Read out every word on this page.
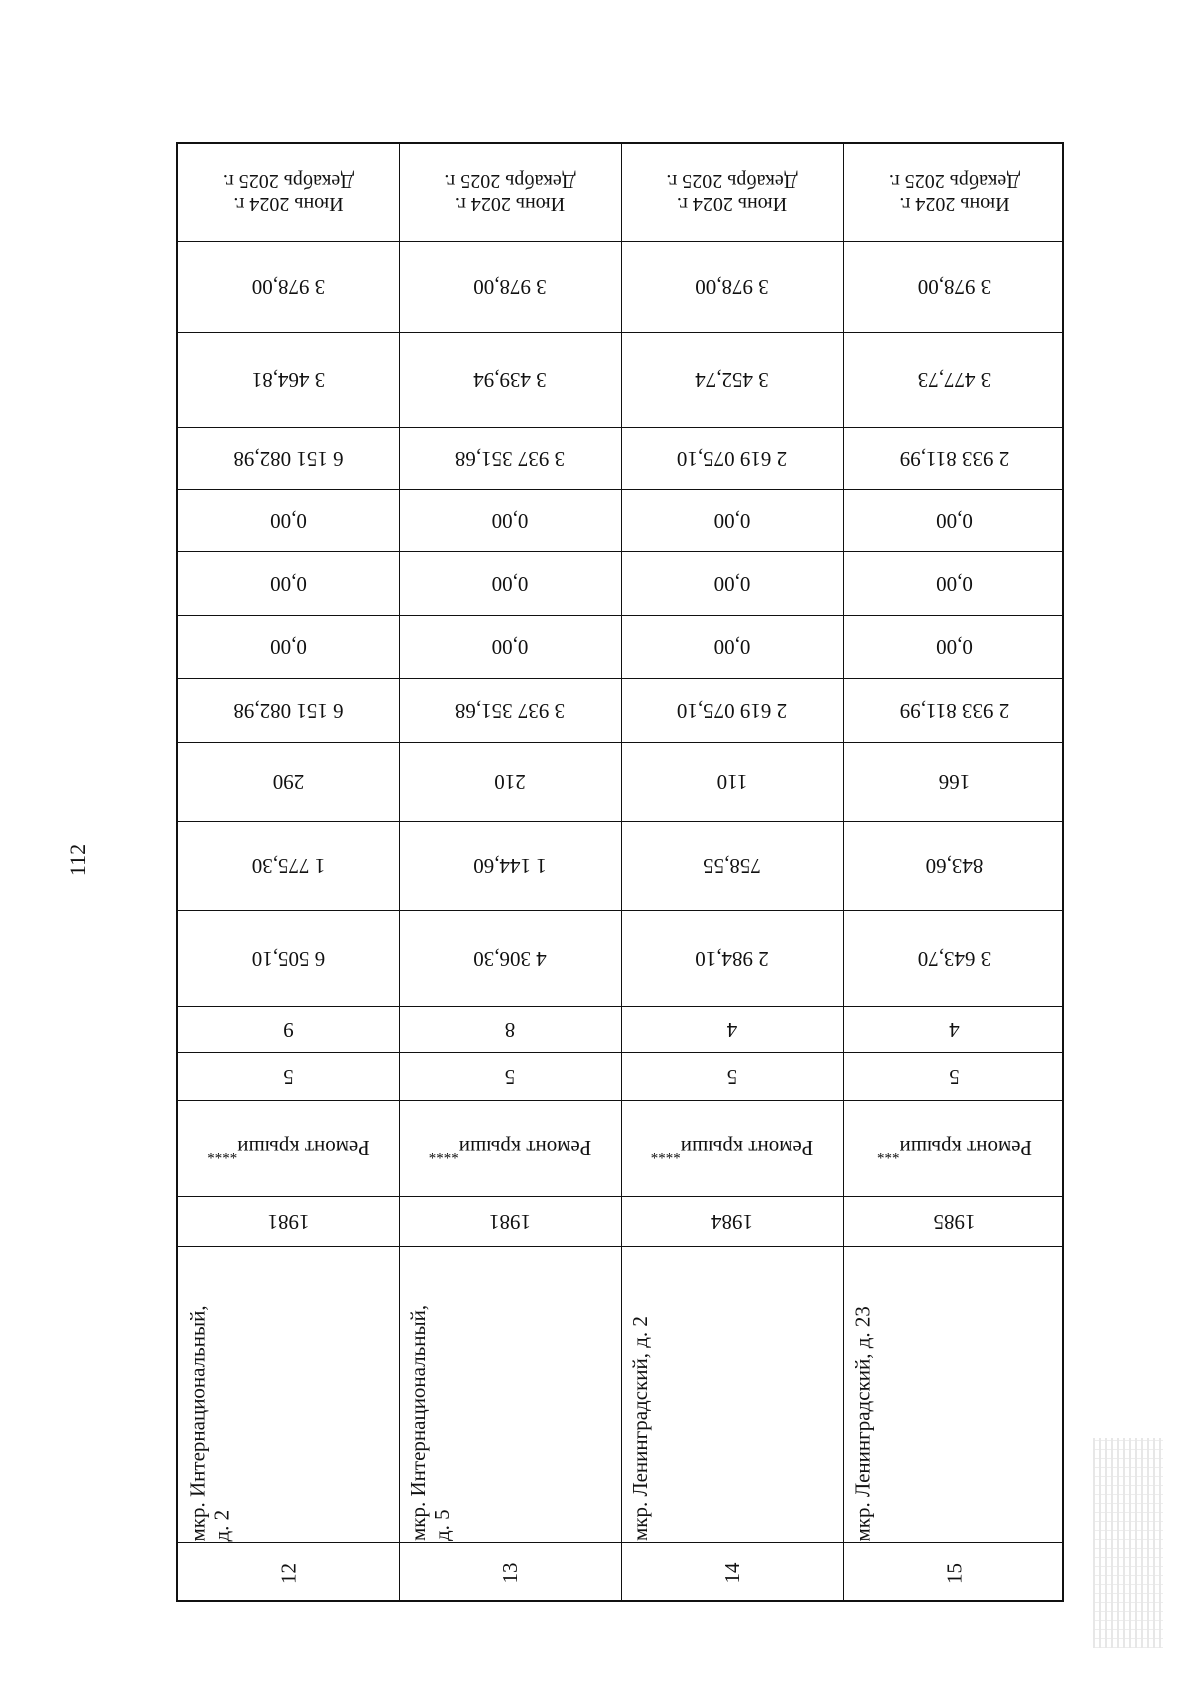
112
Июнь 2024 г.
Декабрь 2025 г.
3 978,00
3 464,81
6 151 082,98
0,00
0,00
0,00
6 151 082,98
290
1 775,30
6 505,10
9
5
Ремонт крыши****
1981
мкр. Интернациональный, д. 2
12
Июнь 2024 г.
Декабрь 2025 г.
3 978,00
3 439,94
3 937 351,68
0,00
0,00
0,00
3 937 351,68
210
1 144,60
4 306,30
8
5
Ремонт крыши****
1981
мкр. Интернациональный, д. 5
13
Июнь 2024 г.
Декабрь 2025 г.
3 978,00
3 452,74
2 619 075,10
0,00
0,00
0,00
2 619 075,10
110
758,55
2 984,10
4
5
Ремонт крыши****
1984
мкр. Ленинградский, д. 2
14
Июнь 2024 г.
Декабрь 2025 г.
3 978,00
3 477,73
2 933 811,99
0,00
0,00
0,00
2 933 811,99
166
843,60
3 643,70
4
5
Ремонт крыши***
1985
мкр. Ленинградский, д. 23
15
